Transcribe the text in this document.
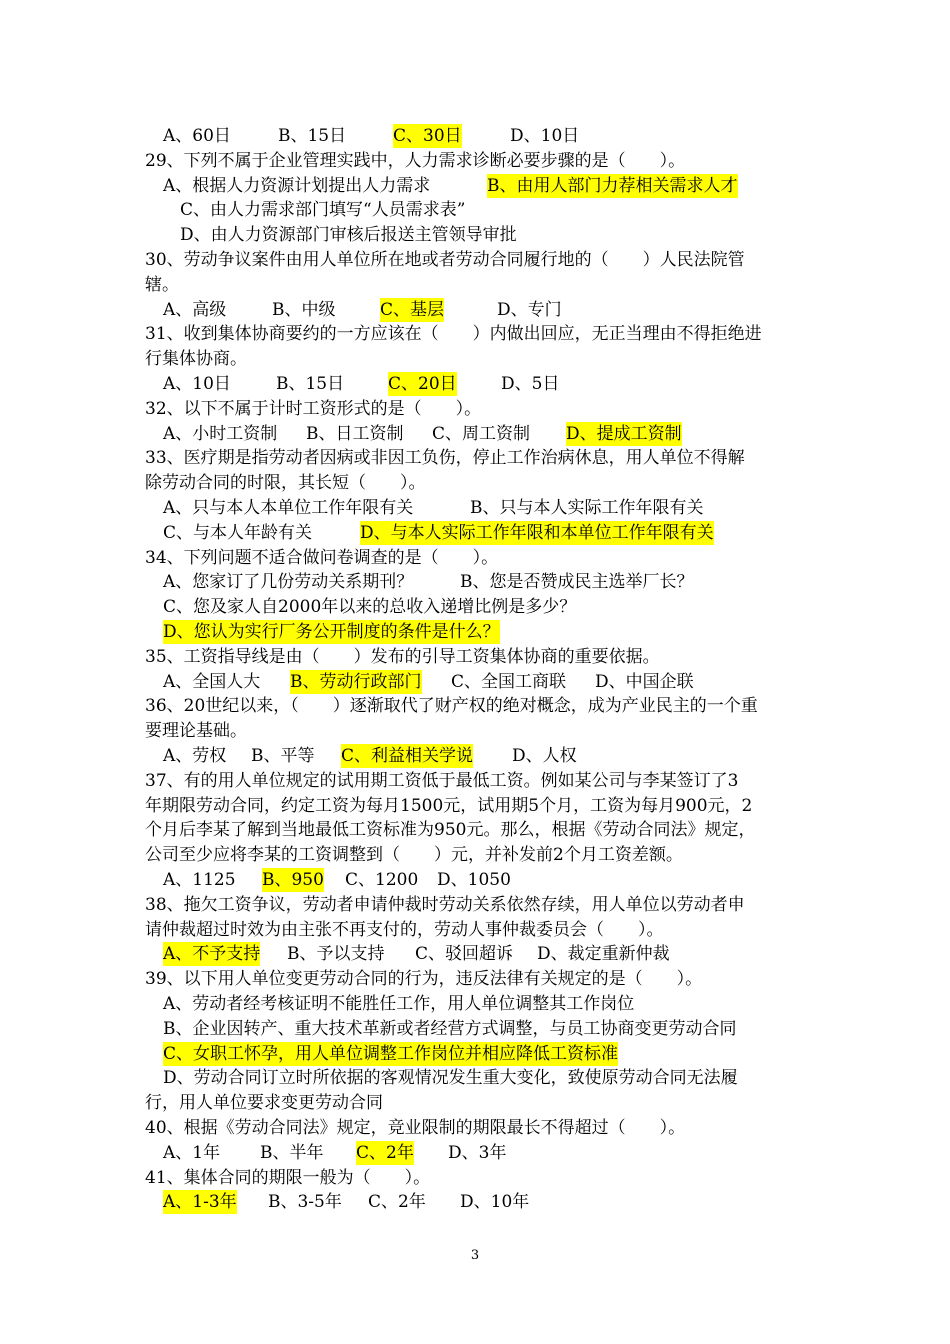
A、60日	B、15日	C、30日	D、10日
29、下列不属于企业管理实践中，人力需求诊断必要步骤的是（　　）。
A、根据人力资源计划提出人力需求	B、由用人部门力荐相关需求人才
C、由人力需求部门填写“人员需求表”
D、由人力资源部门审核后报送主管领导审批
30、劳动争议案件由用人单位所在地或者劳动合同履行地的（　　）人民法院管
辖。
A、高级	B、中级	C、基层	D、专门
31、收到集体协商要约的一方应该在（　　）内做出回应，无正当理由不得拒绝进
行集体协商。
A、10日	B、15日	C、20日	D、5日
32、以下不属于计时工资形式的是（　　）。
A、小时工资制 B、日工资制 C、周工资制 D、提成工资制
33、医疗期是指劳动者因病或非因工负伤，停止工作治病休息，用人单位不得解
除劳动合同的时限，其长短（　　）。
A、只与本人本单位工作年限有关	B、只与本人实际工作年限有关
C、与本人年龄有关	D、与本人实际工作年限和本单位工作年限有关
34、下列问题不适合做问卷调查的是（　　）。
A、您家订了几份劳动关系期刊？	B、您是否赞成民主选举厂长？
C、您及家人自2000年以来的总收入递增比例是多少？
D、您认为实行厂务公开制度的条件是什么？
35、工资指导线是由（　　）发布的引导工资集体协商的重要依据。
A、全国人大 B、劳动行政部门 C、全国工商联 D、中国企联
36、20世纪以来，（　　）逐渐取代了财产权的绝对概念，成为产业民主的一个重
要理论基础。
A、劳权 B、平等 C、利益相关学说 D、人权
37、有的用人单位规定的试用期工资低于最低工资。例如某公司与李某签订了3
年期限劳动合同，约定工资为每月1500元，试用期5个月，工资为每月900元，2
个月后李某了解到当地最低工资标准为950元。那么，根据《劳动合同法》规定，
公司至少应将李某的工资调整到（　　）元，并补发前2个月工资差额。
A、1125 B、950 C、1200 D、1050
38、拖欠工资争议，劳动者申请仲裁时劳动关系依然存续，用人单位以劳动者申
请仲裁超过时效为由主张不再支付的，劳动人事仲裁委员会（　　）。
A、不予支持 B、予以支持 C、驳回超诉 D、裁定重新仲裁
39、以下用人单位变更劳动合同的行为，违反法律有关规定的是（　　）。
A、劳动者经考核证明不能胜任工作，用人单位调整其工作岗位
B、企业因转产、重大技术革新或者经营方式调整，与员工协商变更劳动合同
C、女职工怀孕，用人单位调整工作岗位并相应降低工资标准
D、劳动合同订立时所依据的客观情况发生重大变化，致使原劳动合同无法履
行，用人单位要求变更劳动合同
40、根据《劳动合同法》规定，竞业限制的期限最长不得超过（　　）。
A、1年 B、半年 C、2年 D、3年
41、集体合同的期限一般为（　　）。
A、1-3年 B、3-5年 C、2年 D、10年
3
